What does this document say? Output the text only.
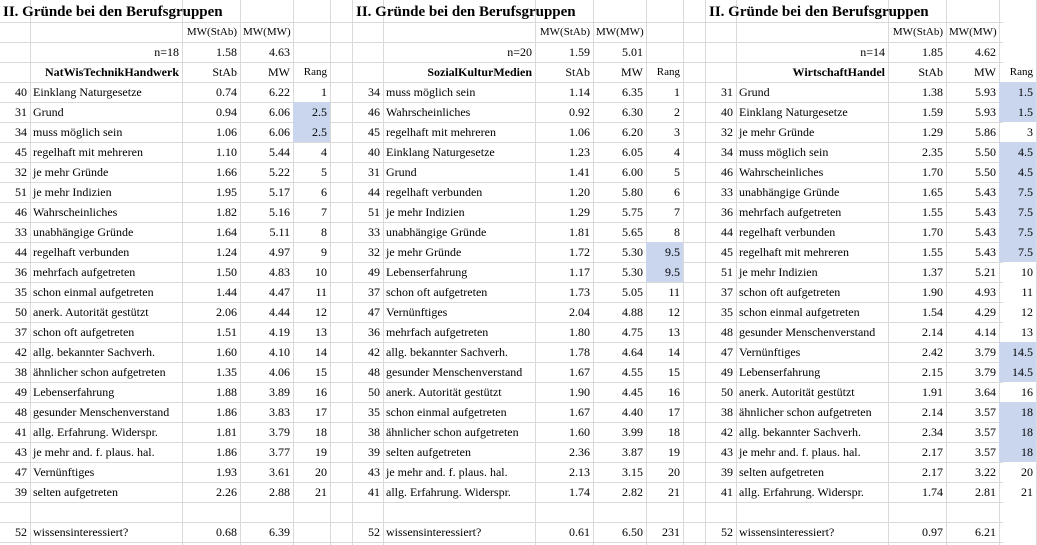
II. Gründe bei den Berufsgruppen
MW(StAb) MW(MW)
n=18	1.58	4.63
NatWisTechnikHandwerk	StAb	MW	Rang
40 Einklang Naturgesetze	0.74	6.22	1
31 Grund	0.94	6.06	2.5
34 muss möglich sein	1.06	6.06	2.5
45 regelhaft mit mehreren	1.10	5.44	4
32 je mehr Gründe	1.66	5.22	5
51 je mehr Indizien	1.95	5.17	6
46 Wahrscheinliches	1.82	5.16	7
33 unabhängige Gründe	1.64	5.11	8
44 regelhaft verbunden	1.24	4.97	9
36 mehrfach aufgetreten	1.50	4.83	10
35 schon einmal aufgetreten	1.44	4.47	11
50 anerk. Autorität gestützt	2.06	4.44	12
37 schon oft aufgetreten	1.51	4.19	13
42 allg. bekannter Sachverh.	1.60	4.10	14
38 ähnlicher schon aufgetreten	1.35	4.06	15
49 Lebenserfahrung	1.88	3.89	16
48 gesunder Menschenverstand	1.86	3.83	17
41 allg. Erfahrung. Widerspr.	1.81	3.79	18
43 je mehr and. f. plaus. hal.	1.86	3.77	19
47 Vernünftiges	1.93	3.61	20
39 selten aufgetreten	2.26	2.88	21
52 wissensinteressiert?	0.68	6.39
II. Gründe bei den Berufsgruppen
MW(StAb) MW(MW)
n=20	1.59	5.01
SozialKulturMedien	StAb	MW	Rang
34 muss möglich sein	1.14	6.35	1
46 Wahrscheinliches	0.92	6.30	2
45 regelhaft mit mehreren	1.06	6.20	3
40 Einklang Naturgesetze	1.23	6.05	4
31 Grund	1.41	6.00	5
44 regelhaft verbunden	1.20	5.80	6
51 je mehr Indizien	1.29	5.75	7
33 unabhängige Gründe	1.81	5.65	8
32 je mehr Gründe	1.72	5.30	9.5
49 Lebenserfahrung	1.17	5.30	9.5
37 schon oft aufgetreten	1.73	5.05	11
47 Vernünftiges	2.04	4.88	12
36 mehrfach aufgetreten	1.80	4.75	13
42 allg. bekannter Sachverh.	1.78	4.64	14
48 gesunder Menschenverstand	1.67	4.55	15
50 anerk. Autorität gestützt	1.90	4.45	16
35 schon einmal aufgetreten	1.67	4.40	17
38 ähnlicher schon aufgetreten	1.60	3.99	18
39 selten aufgetreten	2.36	3.87	19
43 je mehr and. f. plaus. hal.	2.13	3.15	20
41 allg. Erfahrung. Widerspr.	1.74	2.82	21
52 wissensinteressiert?	0.61	6.50	231
II. Gründe bei den Berufsgruppen
MW(StAb) MW(MW)
n=14	1.85	4.62
WirtschaftHandel	StAb	MW	Rang
31 Grund	1.38	5.93	1.5
40 Einklang Naturgesetze	1.59	5.93	1.5
32 je mehr Gründe	1.29	5.86	3
34 muss möglich sein	2.35	5.50	4.5
46 Wahrscheinliches	1.70	5.50	4.5
33 unabhängige Gründe	1.65	5.43	7.5
36 mehrfach aufgetreten	1.55	5.43	7.5
44 regelhaft verbunden	1.70	5.43	7.5
45 regelhaft mit mehreren	1.55	5.43	7.5
51 je mehr Indizien	1.37	5.21	10
37 schon oft aufgetreten	1.90	4.93	11
35 schon einmal aufgetreten	1.54	4.29	12
48 gesunder Menschenverstand	2.14	4.14	13
47 Vernünftiges	2.42	3.79	14.5
49 Lebenserfahrung	2.15	3.79	14.5
50 anerk. Autorität gestützt	1.91	3.64	16
38 ähnlicher schon aufgetreten	2.14	3.57	18
42 allg. bekannter Sachverh.	2.34	3.57	18
43 je mehr and. f. plaus. hal.	2.17	3.57	18
39 selten aufgetreten	2.17	3.22	20
41 allg. Erfahrung. Widerspr.	1.74	2.81	21
52 wissensinteressiert?	0.97	6.21
